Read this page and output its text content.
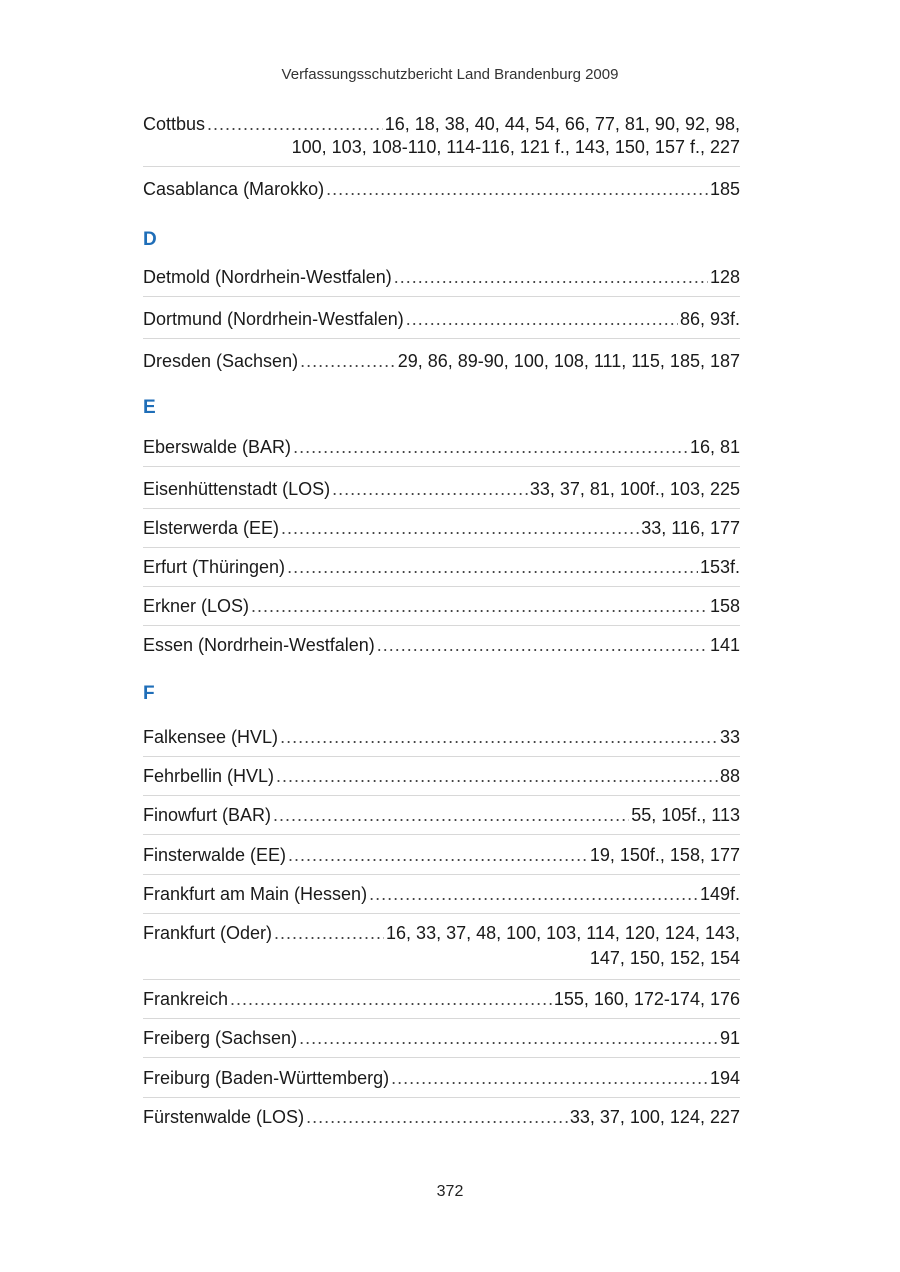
Verfassungsschutzbericht Land Brandenburg 2009
Cottbus .....	16, 18, 38, 40, 44, 54, 66, 77, 81, 90, 92, 98,
100, 103, 108-110, 114-116, 121 f., 143, 150, 157 f., 227
Casablanca (Marokko) .....	185
D
Detmold (Nordrhein-Westfalen) .....	128
Dortmund (Nordrhein-Westfalen) .....	86, 93f.
Dresden (Sachsen) .....	29, 86, 89-90, 100, 108, 111, 115, 185, 187
E
Eberswalde (BAR) .....	16, 81
Eisenhüttenstadt (LOS) .....	33, 37, 81, 100f., 103, 225
Elsterwerda (EE) .....	33, 116, 177
Erfurt (Thüringen) .....	153f.
Erkner (LOS) .....	158
Essen (Nordrhein-Westfalen) .....	141
F
Falkensee (HVL) .....	33
Fehrbellin (HVL) .....	88
Finowfurt (BAR) .....	55, 105f., 113
Finsterwalde (EE) .....	19, 150f., 158, 177
Frankfurt am Main (Hessen) .....	149f.
Frankfurt (Oder) .....	16, 33, 37, 48, 100, 103, 114, 120, 124, 143,
147, 150, 152, 154
Frankreich .....	155, 160, 172-174, 176
Freiberg (Sachsen) .....	91
Freiburg (Baden-Württemberg) .....	194
Fürstenwalde (LOS) .....	33, 37, 100, 124, 227
372
